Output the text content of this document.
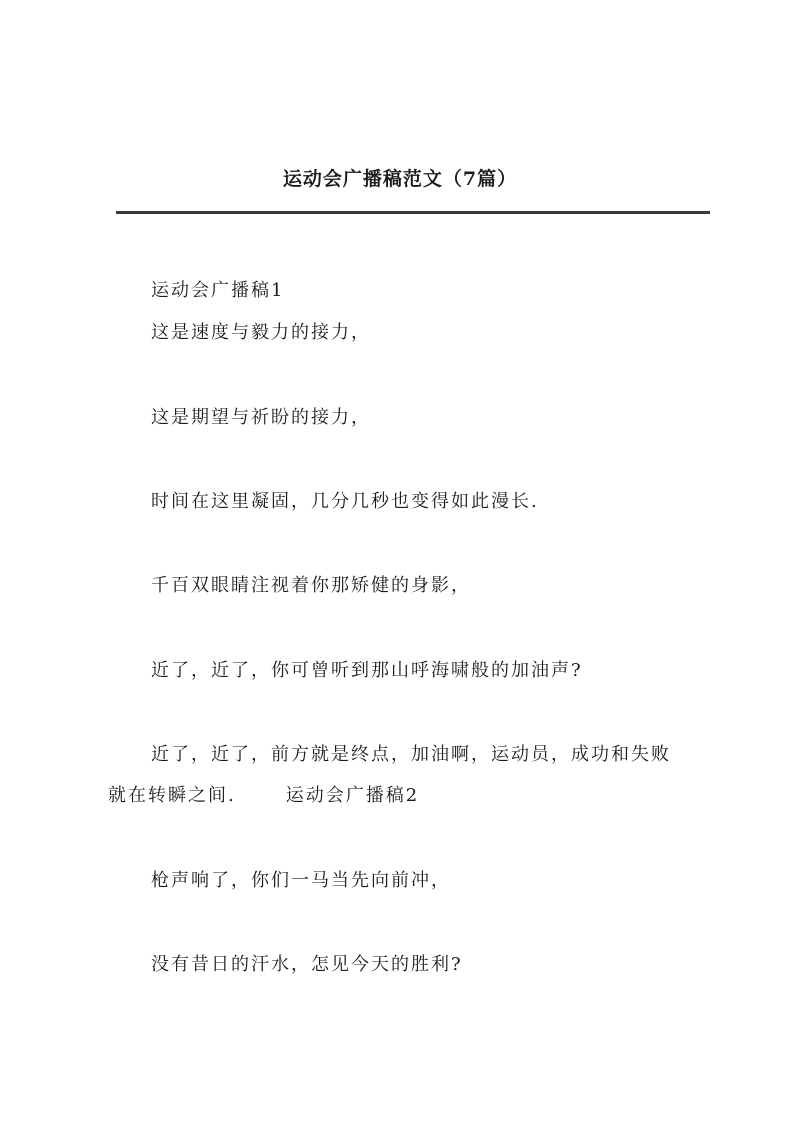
运动会广播稿范文（7篇）
运动会广播稿1
这是速度与毅力的接力，
这是期望与祈盼的接力，
时间在这里凝固，几分几秒也变得如此漫长.
千百双眼睛注视着你那矫健的身影，
近了，近了，你可曾听到那山呼海啸般的加油声?
近了，近了，前方就是终点，加油啊，运动员，成功和失败
就在转瞬之间.	运动会广播稿2
枪声响了，你们一马当先向前冲，
没有昔日的汗水，怎见今天的胜利?
